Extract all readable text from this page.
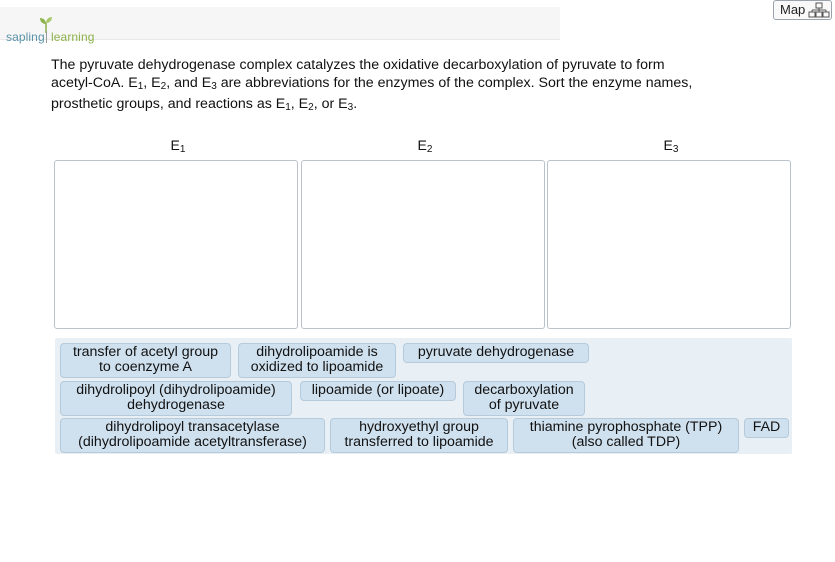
sapling learning
Map
The pyruvate dehydrogenase complex catalyzes the oxidative decarboxylation of pyruvate to form
acetyl-CoA. $E_1$, $E_2$, and $E_3$ are abbreviations for the enzymes of the complex. Sort the enzyme names,
prosthetic groups, and reactions as $E_1$, $E_2$, or $E_3$.
$E_1$	$E_2$	$E_3$
transfer of acetyl group
to coenzyme A
dihydrolipoamide is
oxidized to lipoamide
pyruvate dehydrogenase
dihydrolipoyl (dihydrolipoamide)
dehydrogenase
lipoamide (or lipoate)	decarboxylation
of pyruvate
dihydrolipoyl transacetylase
(dihydrolipoamide acetyltransferase)
hydroxyethyl group
transferred to lipoamide
thiamine pyrophosphate (TPP)
(also called TDP)
FAD
